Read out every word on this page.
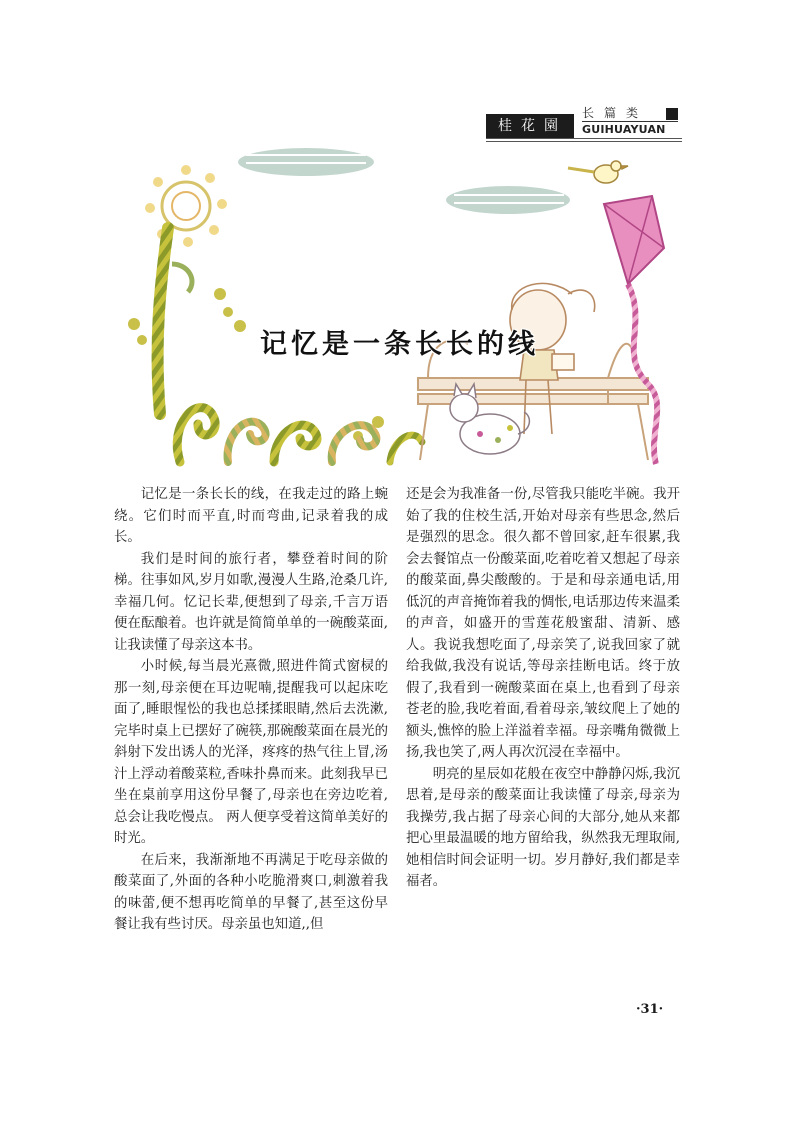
桂花園
长篇类
GUIHUAYUAN
记忆是一条长长的线

记忆是一条长长的线，在我走过的路上蜿绕。它们时而平直,时而弯曲,记录着我的成长。

我们是时间的旅行者，攀登着时间的阶梯。往事如风,岁月如歌,漫漫人生路,沧桑几许,幸福几何。忆记长辈,便想到了母亲,千言万语便在酝酿着。也许就是简简单单的一碗酸菜面,让我读懂了母亲这本书。

小时候,每当晨光熹微,照进件简式窗棂的那一刻,母亲便在耳边呢喃,提醒我可以起床吃面了,睡眼惺忪的我也总揉揉眼睛,然后去洗漱,完毕时桌上已摆好了碗筷,那碗酸菜面在晨光的斜射下发出诱人的光泽，疼疼的热气往上冒,汤汁上浮动着酸菜粒,香味扑鼻而来。此刻我早已坐在桌前享用这份早餐了,母亲也在旁边吃着,总会让我吃慢点。 两人便享受着这简单美好的时光。

在后来，我渐渐地不再满足于吃母亲做的酸菜面了,外面的各种小吃脆滑爽口,刺激着我的味蕾,便不想再吃简单的早餐了,甚至这份早餐让我有些讨厌。母亲虽也知道,,但

还是会为我准备一份,尽管我只能吃半碗。我开始了我的住校生活,开始对母亲有些思念,然后是强烈的思念。很久都不曾回家,赶车很累,我会去餐馆点一份酸菜面,吃着吃着又想起了母亲的酸菜面,鼻尖酸酸的。于是和母亲通电话,用低沉的声音掩饰着我的惆怅,电话那边传来温柔的声音，如盛开的雪莲花般蜜甜、清新、感人。我说我想吃面了,母亲笑了,说我回家了就给我做,我没有说话,等母亲挂断电话。终于放假了,我看到一碗酸菜面在桌上,也看到了母亲苍老的脸,我吃着面,看着母亲,皱纹爬上了她的额头,憔悴的脸上洋溢着幸福。母亲嘴角微微上扬,我也笑了,两人再次沉浸在幸福中。

明亮的星辰如花般在夜空中静静闪烁,我沉思着,是母亲的酸菜面让我读懂了母亲,母亲为我操劳,我占据了母亲心间的大部分,她从来都把心里最温暖的地方留给我，纵然我无理取闹,她相信时间会证明一切。岁月静好,我们都是幸福者。

·31·
